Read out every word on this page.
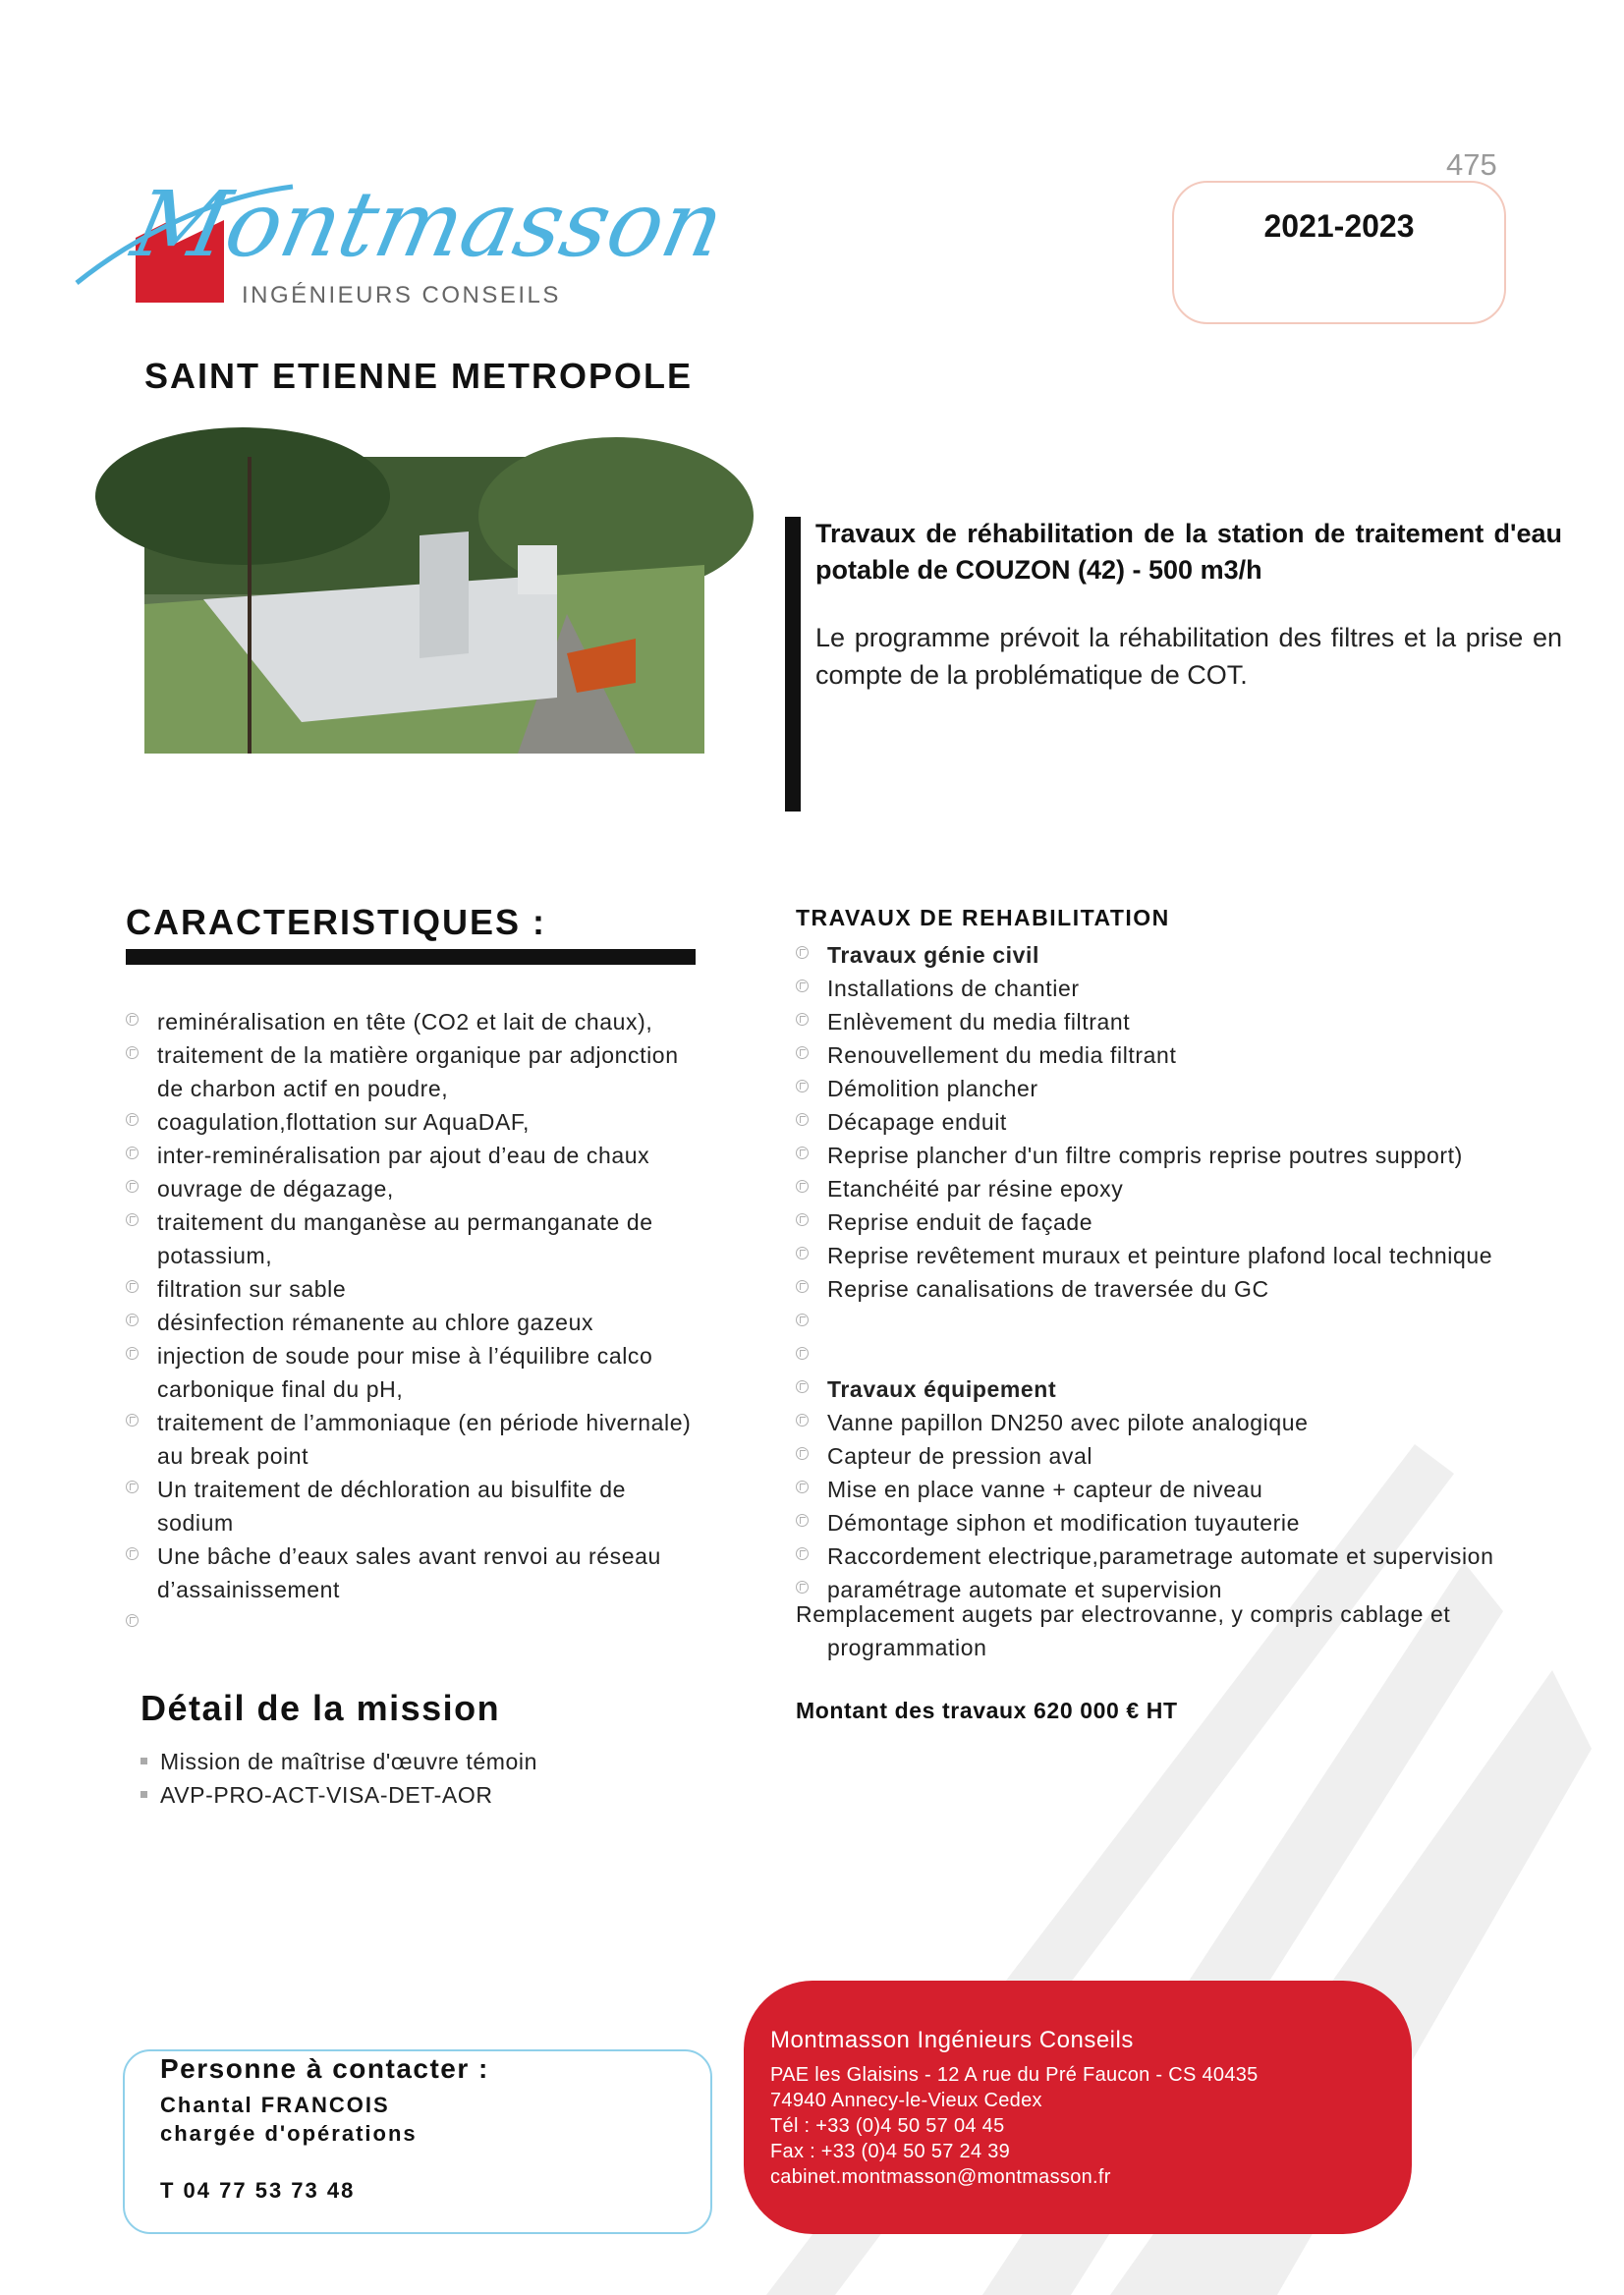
475
Montmasson
INGÉNIEURS CONSEILS
2021-2023
SAINT ETIENNE METROPOLE
Travaux de réhabilitation de la station de traitement d'eau potable de COUZON (42) - 500 m3/h
Le programme prévoit la réhabilitation des filtres et la prise en compte de la problématique de COT.
CARACTERISTIQUES :
reminéralisation en tête (CO2 et lait de chaux),
traitement de la matière organique par adjonction de charbon actif en poudre,
coagulation,flottation sur AquaDAF,
inter-reminéralisation par ajout d’eau de chaux
ouvrage de dégazage,
traitement du manganèse au permanganate de potassium,
filtration sur sable
désinfection rémanente au chlore gazeux
injection de soude pour mise à l’équilibre calco carbonique final du pH,
traitement de l’ammoniaque (en période hivernale) au break point
Un traitement de déchloration au bisulfite de sodium
Une bâche d’eaux sales avant renvoi au réseau d’assainissement

TRAVAUX DE REHABILITATION
Travaux génie civil
Installations de chantier
Enlèvement du media filtrant
Renouvellement du media filtrant
Démolition plancher
Décapage enduit
Reprise plancher d'un filtre compris reprise poutres support)
Etanchéité par résine epoxy
Reprise enduit de façade
Reprise revêtement muraux et peinture plafond local technique
Reprise canalisations de traversée du GC

Travaux équipement
Vanne papillon DN250 avec pilote analogique
Capteur de pression aval
Mise en place vanne + capteur de niveau
Démontage siphon et modification tuyauterie
Raccordement electrique,parametrage automate et supervision
paramétrage automate et supervision
Remplacement augets par electrovanne, y compris cablage et
programmation
Montant des travaux 620 000 € HT
Détail de la mission
Mission de maîtrise d'œuvre témoin
AVP-PRO-ACT-VISA-DET-AOR
Personne à contacter :
Chantal FRANCOIS
chargée d'opérations
T 04 77 53 73 48
Montmasson Ingénieurs Conseils
PAE les Glaisins - 12 A rue du Pré Faucon - CS 40435
74940 Annecy-le-Vieux Cedex
Tél : +33 (0)4 50 57 04 45
Fax : +33 (0)4 50 57 24 39
cabinet.montmasson@montmasson.fr
